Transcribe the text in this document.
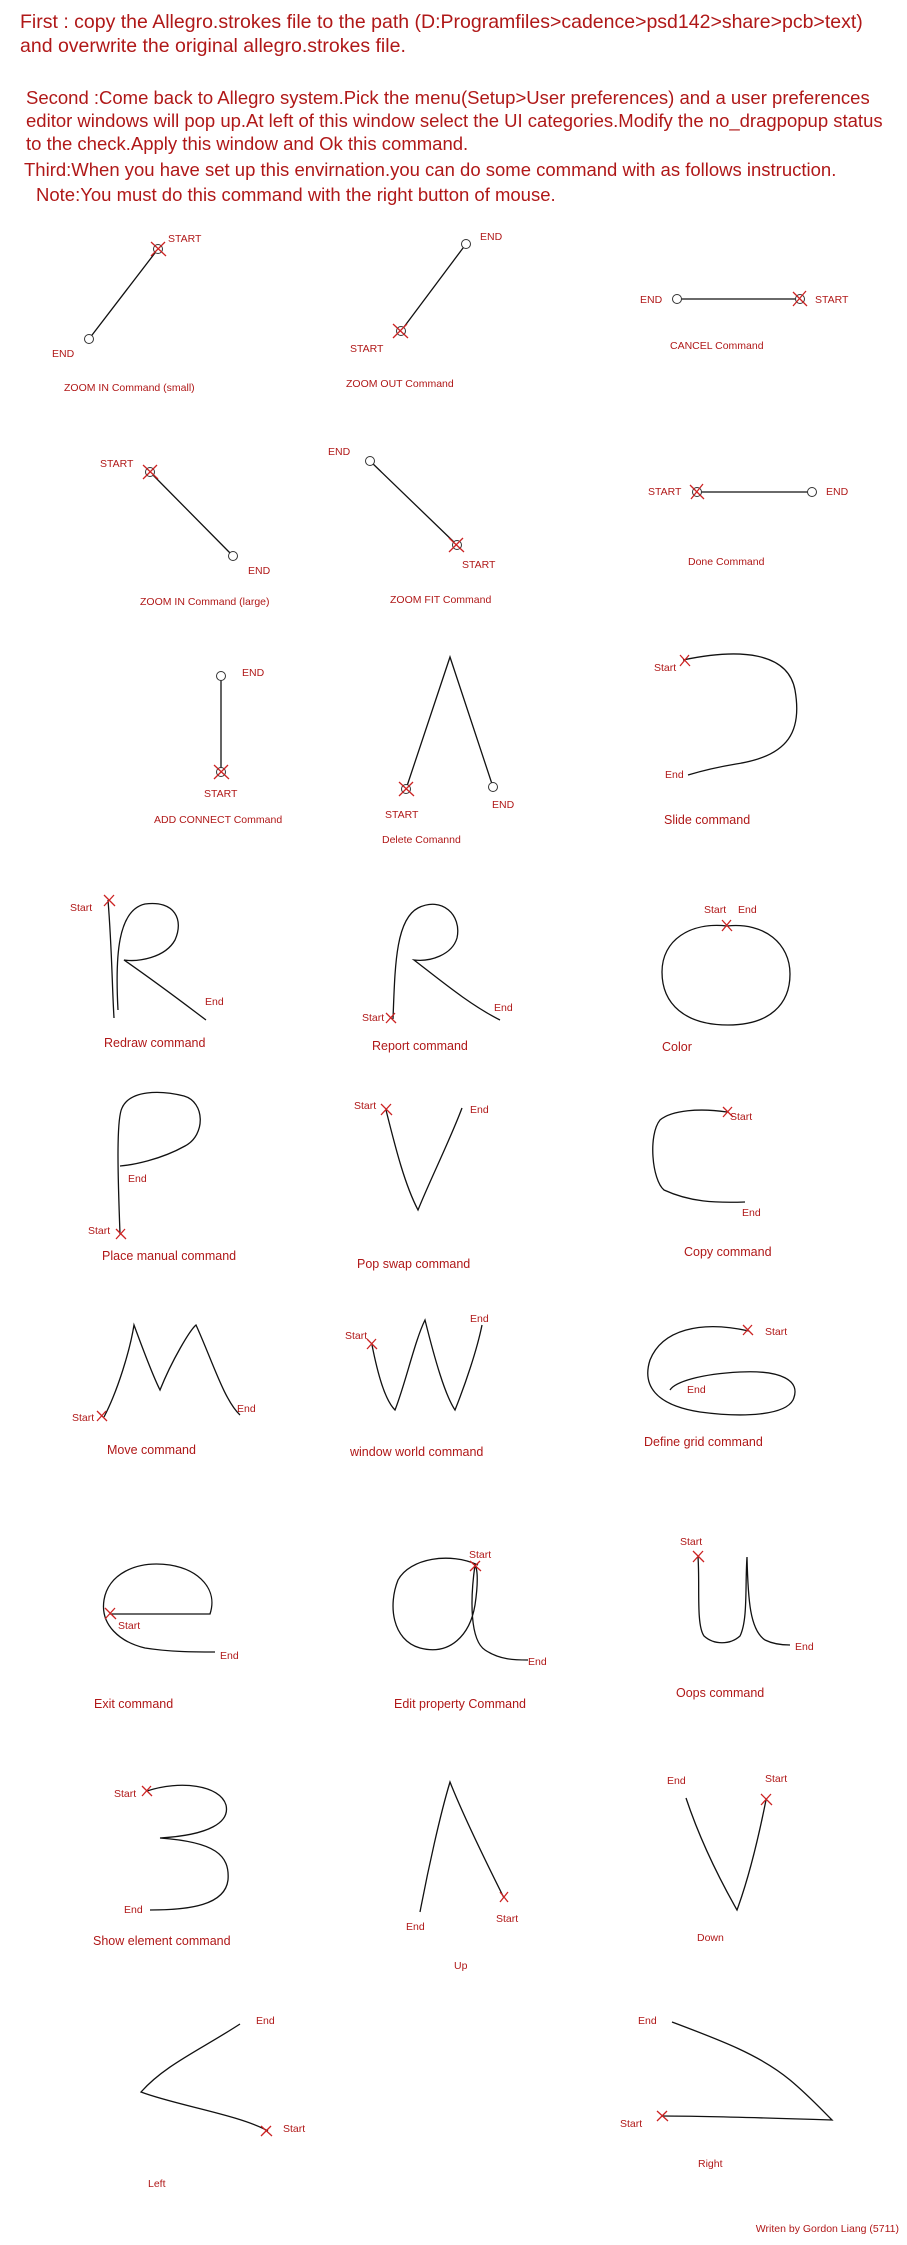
First : copy the Allegro.strokes file to the path (D:Programfiles>cadence>psd142>share>pcb>text) and overwrite the original allegro.strokes file.

Second :Come back to Allegro system.Pick the menu(Setup>User preferences) and a user preferences editor windows will pop up.At left of this window select the UI categories.Modify the no_dragpopup status to the check.Apply this window and Ok this command.

Third:When you have set up this envirnation.you can do some command with as follows instruction.

Note:You must do this command with the right button of mouse.

START
END
ZOOM IN Command (small)
END
START
ZOOM OUT Command
END	START
CANCEL Command
START
END
ZOOM IN Command (large)
END
START
ZOOM FIT Command
START	END
Done Command
END
START
ADD CONNECT Command	START
END
Delete Comannd
Start
End
Slide command
Start
End
Redraw command
Start
End
Report command
Start End
Color
Start
End
Place manual command
Start	End
Pop swap command
Start
End
Copy command
Start
End
Move command
Start
End
window world command
Start
End
Define grid command
Start
End
Exit command
Start
End
Edit property Command
Start
End
Oops command
Start
End
Show element command
End
Start
Up
End	Start
Down
End
Start
Left
End
Start
Right
Writen by Gordon Liang (5711)
